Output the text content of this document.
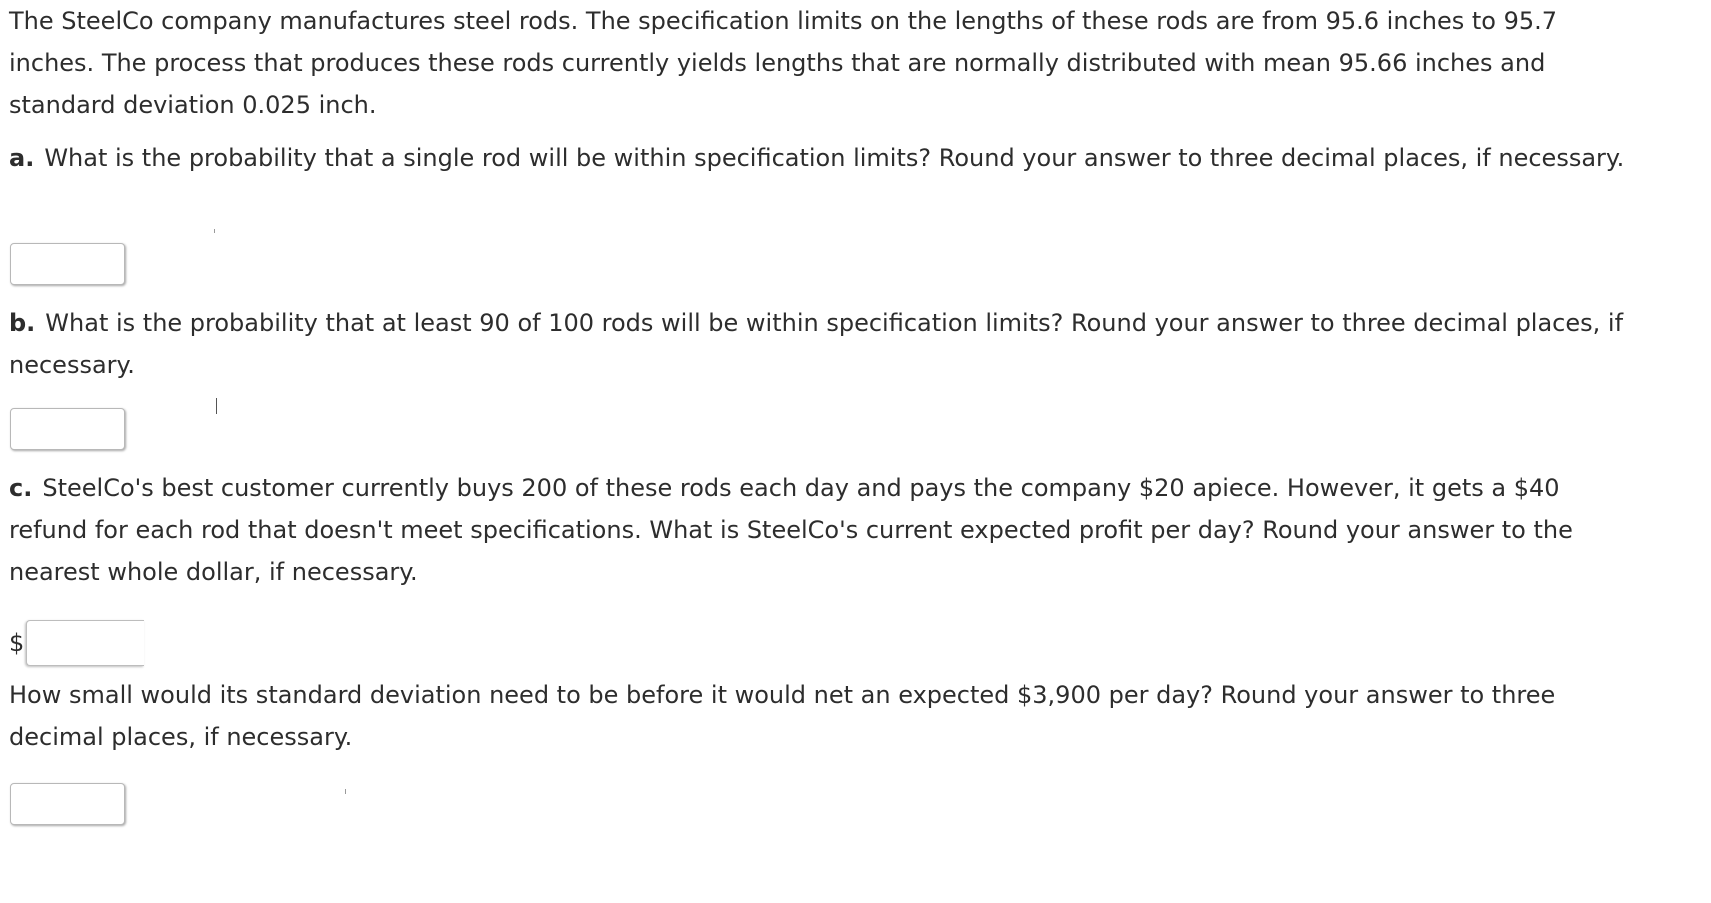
The SteelCo company manufactures steel rods. The specification limits on the lengths of these rods are from 95.6 inches to 95.7 inches. The process that produces these rods currently yields lengths that are normally distributed with mean 95.66 inches and standard deviation 0.025 inch.

a. What is the probability that a single rod will be within specification limits? Round your answer to three decimal places, if necessary.

b. What is the probability that at least 90 of 100 rods will be within specification limits? Round your answer to three decimal places, if necessary.

c. SteelCo's best customer currently buys 200 of these rods each day and pays the company $20 apiece. However, it gets a $40 refund for each rod that doesn't meet specifications. What is SteelCo's current expected profit per day? Round your answer to the nearest whole dollar, if necessary.

$

How small would its standard deviation need to be before it would net an expected $3,900 per day? Round your answer to three decimal places, if necessary.
